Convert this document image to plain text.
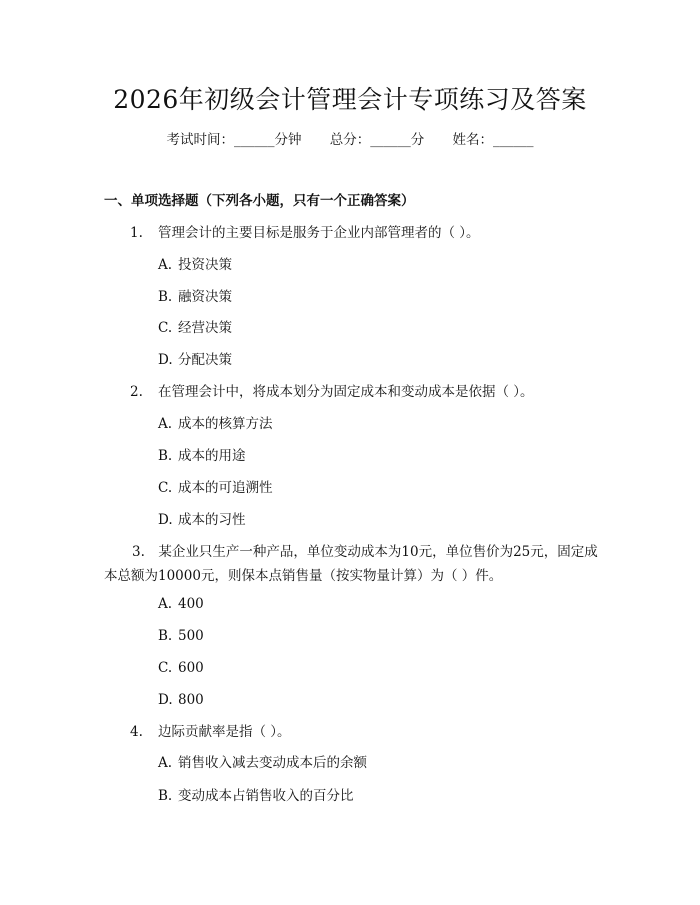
2026年初级会计管理会计专项练习及答案
考试时间：______分钟 总分：______分 姓名：______
一、单项选择题（下列各小题，只有一个正确答案）
1. 管理会计的主要目标是服务于企业内部管理者的（ ）。
A. 投资决策
B. 融资决策
C. 经营决策
D. 分配决策
2. 在管理会计中，将成本划分为固定成本和变动成本是依据（ ）。
A. 成本的核算方法
B. 成本的用途
C. 成本的可追溯性
D. 成本的习性
3.  某企业只生产一种产品，单位变动成本为10元，单位售价为25元，固定成本总额为10000元，则保本点销售量（按实物量计算）为（ ）件。
A. 400
B. 500
C. 600
D. 800
4. 边际贡献率是指（ ）。
A. 销售收入减去变动成本后的余额
B. 变动成本占销售收入的百分比
